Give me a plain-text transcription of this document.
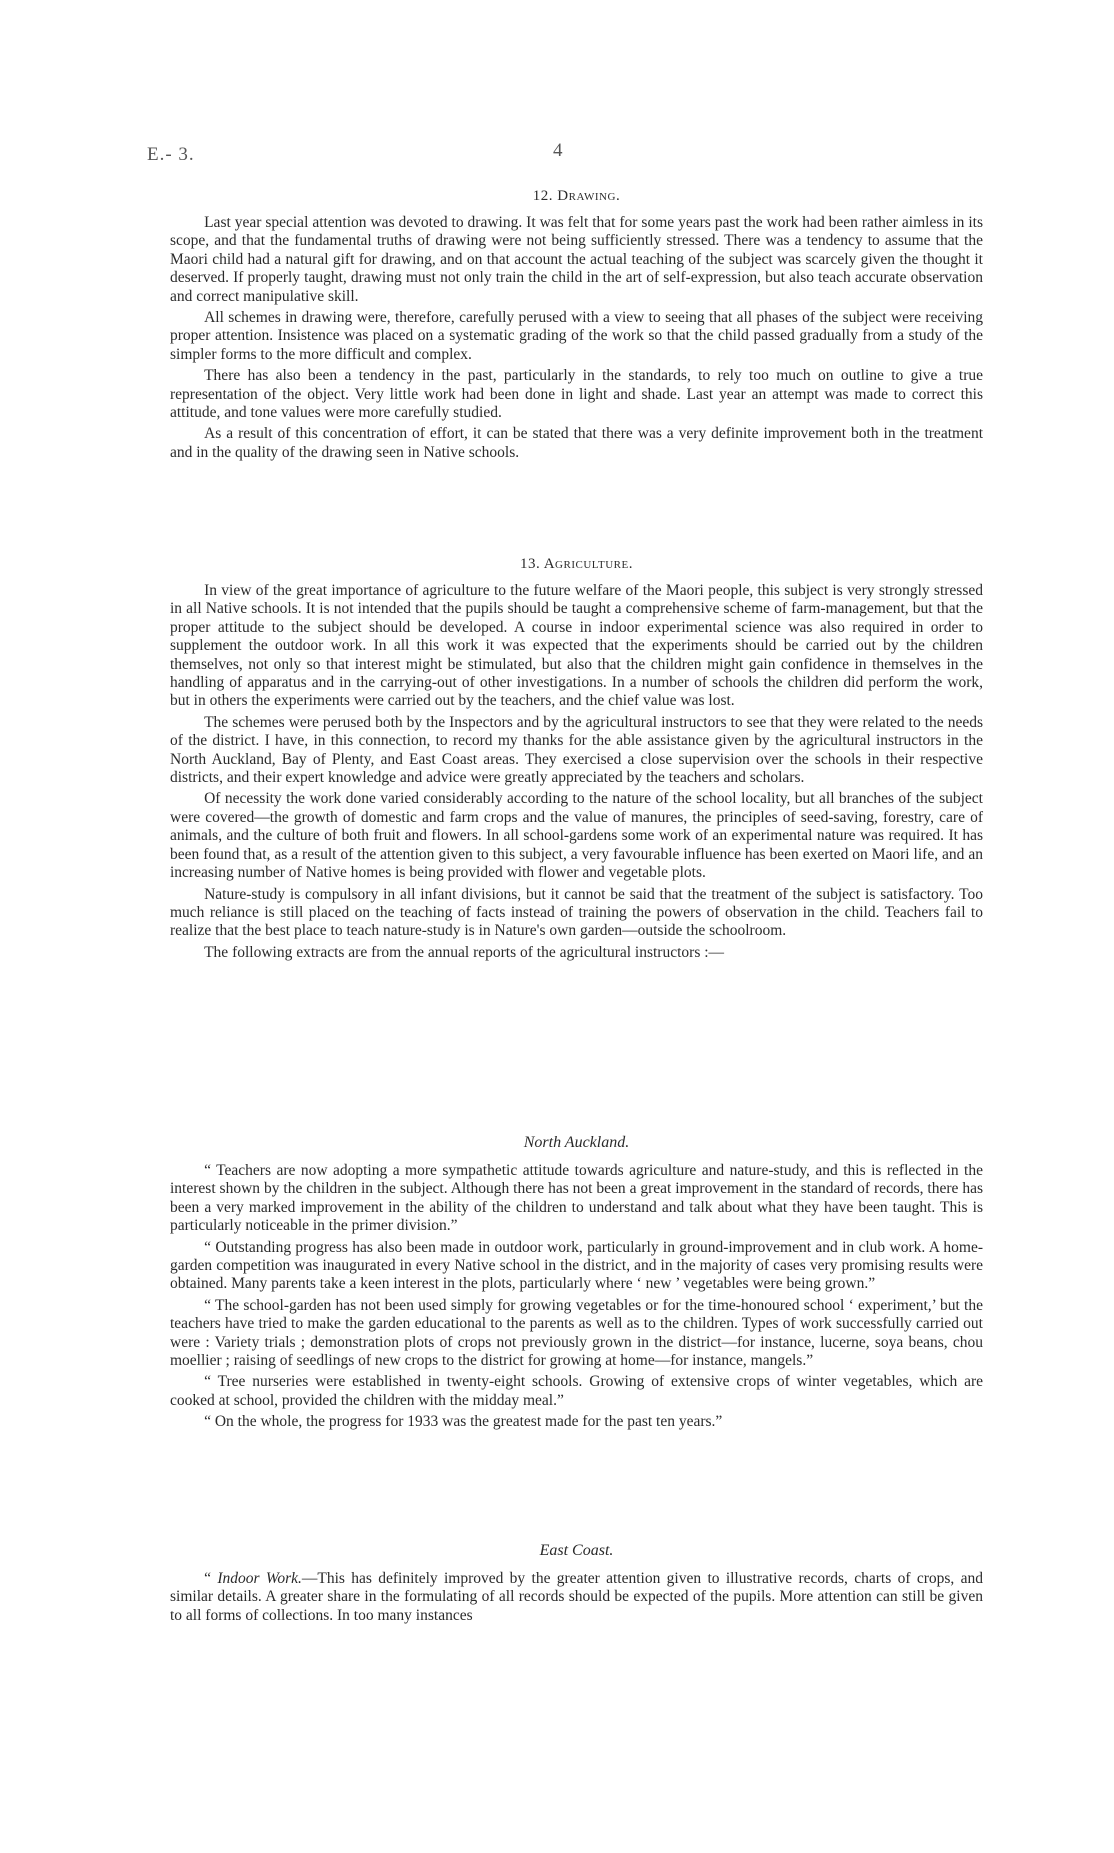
E.- 3.	4
12. Drawing.

Last year special attention was devoted to drawing. It was felt that for some years past the work had been rather aimless in its scope, and that the fundamental truths of drawing were not being sufficiently stressed. There was a tendency to assume that the Maori child had a natural gift for drawing, and on that account the actual teaching of the subject was scarcely given the thought it deserved. If properly taught, drawing must not only train the child in the art of self-expression, but also teach accurate observation and correct manipulative skill.

All schemes in drawing were, therefore, carefully perused with a view to seeing that all phases of the subject were receiving proper attention. Insistence was placed on a systematic grading of the work so that the child passed gradually from a study of the simpler forms to the more difficult and complex.

There has also been a tendency in the past, particularly in the standards, to rely too much on outline to give a true representation of the object. Very little work had been done in light and shade. Last year an attempt was made to correct this attitude, and tone values were more carefully studied.

As a result of this concentration of effort, it can be stated that there was a very definite improvement both in the treatment and in the quality of the drawing seen in Native schools.

13. Agriculture.

In view of the great importance of agriculture to the future welfare of the Maori people, this subject is very strongly stressed in all Native schools. It is not intended that the pupils should be taught a comprehensive scheme of farm-management, but that the proper attitude to the subject should be developed. A course in indoor experimental science was also required in order to supplement the outdoor work. In all this work it was expected that the experiments should be carried out by the children themselves, not only so that interest might be stimulated, but also that the children might gain confidence in themselves in the handling of apparatus and in the carrying-out of other investigations. In a number of schools the children did perform the work, but in others the experiments were carried out by the teachers, and the chief value was lost.

The schemes were perused both by the Inspectors and by the agricultural instructors to see that they were related to the needs of the district. I have, in this connection, to record my thanks for the able assistance given by the agricultural instructors in the North Auckland, Bay of Plenty, and East Coast areas. They exercised a close supervision over the schools in their respective districts, and their expert knowledge and advice were greatly appreciated by the teachers and scholars.

Of necessity the work done varied considerably according to the nature of the school locality, but all branches of the subject were covered—the growth of domestic and farm crops and the value of manures, the principles of seed-saving, forestry, care of animals, and the culture of both fruit and flowers. In all school-gardens some work of an experimental nature was required. It has been found that, as a result of the attention given to this subject, a very favourable influence has been exerted on Maori life, and an increasing number of Native homes is being provided with flower and vegetable plots.

Nature-study is compulsory in all infant divisions, but it cannot be said that the treatment of the subject is satisfactory. Too much reliance is still placed on the teaching of facts instead of training the powers of observation in the child. Teachers fail to realize that the best place to teach nature-study is in Nature's own garden—outside the schoolroom.

The following extracts are from the annual reports of the agricultural instructors :—

North Auckland.

“ Teachers are now adopting a more sympathetic attitude towards agriculture and nature-study, and this is reflected in the interest shown by the children in the subject. Although there has not been a great improvement in the standard of records, there has been a very marked improvement in the ability of the children to understand and talk about what they have been taught. This is particularly noticeable in the primer division.”

“ Outstanding progress has also been made in outdoor work, particularly in ground-improvement and in club work. A home-garden competition was inaugurated in every Native school in the district, and in the majority of cases very promising results were obtained. Many parents take a keen interest in the plots, particularly where ‘ new ’ vegetables were being grown.”

“ The school-garden has not been used simply for growing vegetables or for the time-honoured school ‘ experiment,’ but the teachers have tried to make the garden educational to the parents as well as to the children. Types of work successfully carried out were : Variety trials ; demonstration plots of crops not previously grown in the district—for instance, lucerne, soya beans, chou moellier ; raising of seedlings of new crops to the district for growing at home—for instance, mangels.”

“ Tree nurseries were established in twenty-eight schools. Growing of extensive crops of winter vegetables, which are cooked at school, provided the children with the midday meal.”

“ On the whole, the progress for 1933 was the greatest made for the past ten years.”

East Coast.

“ Indoor Work.—This has definitely improved by the greater attention given to illustrative records, charts of crops, and similar details. A greater share in the formulating of all records should be expected of the pupils. More attention can still be given to all forms of collections. In too many instances
